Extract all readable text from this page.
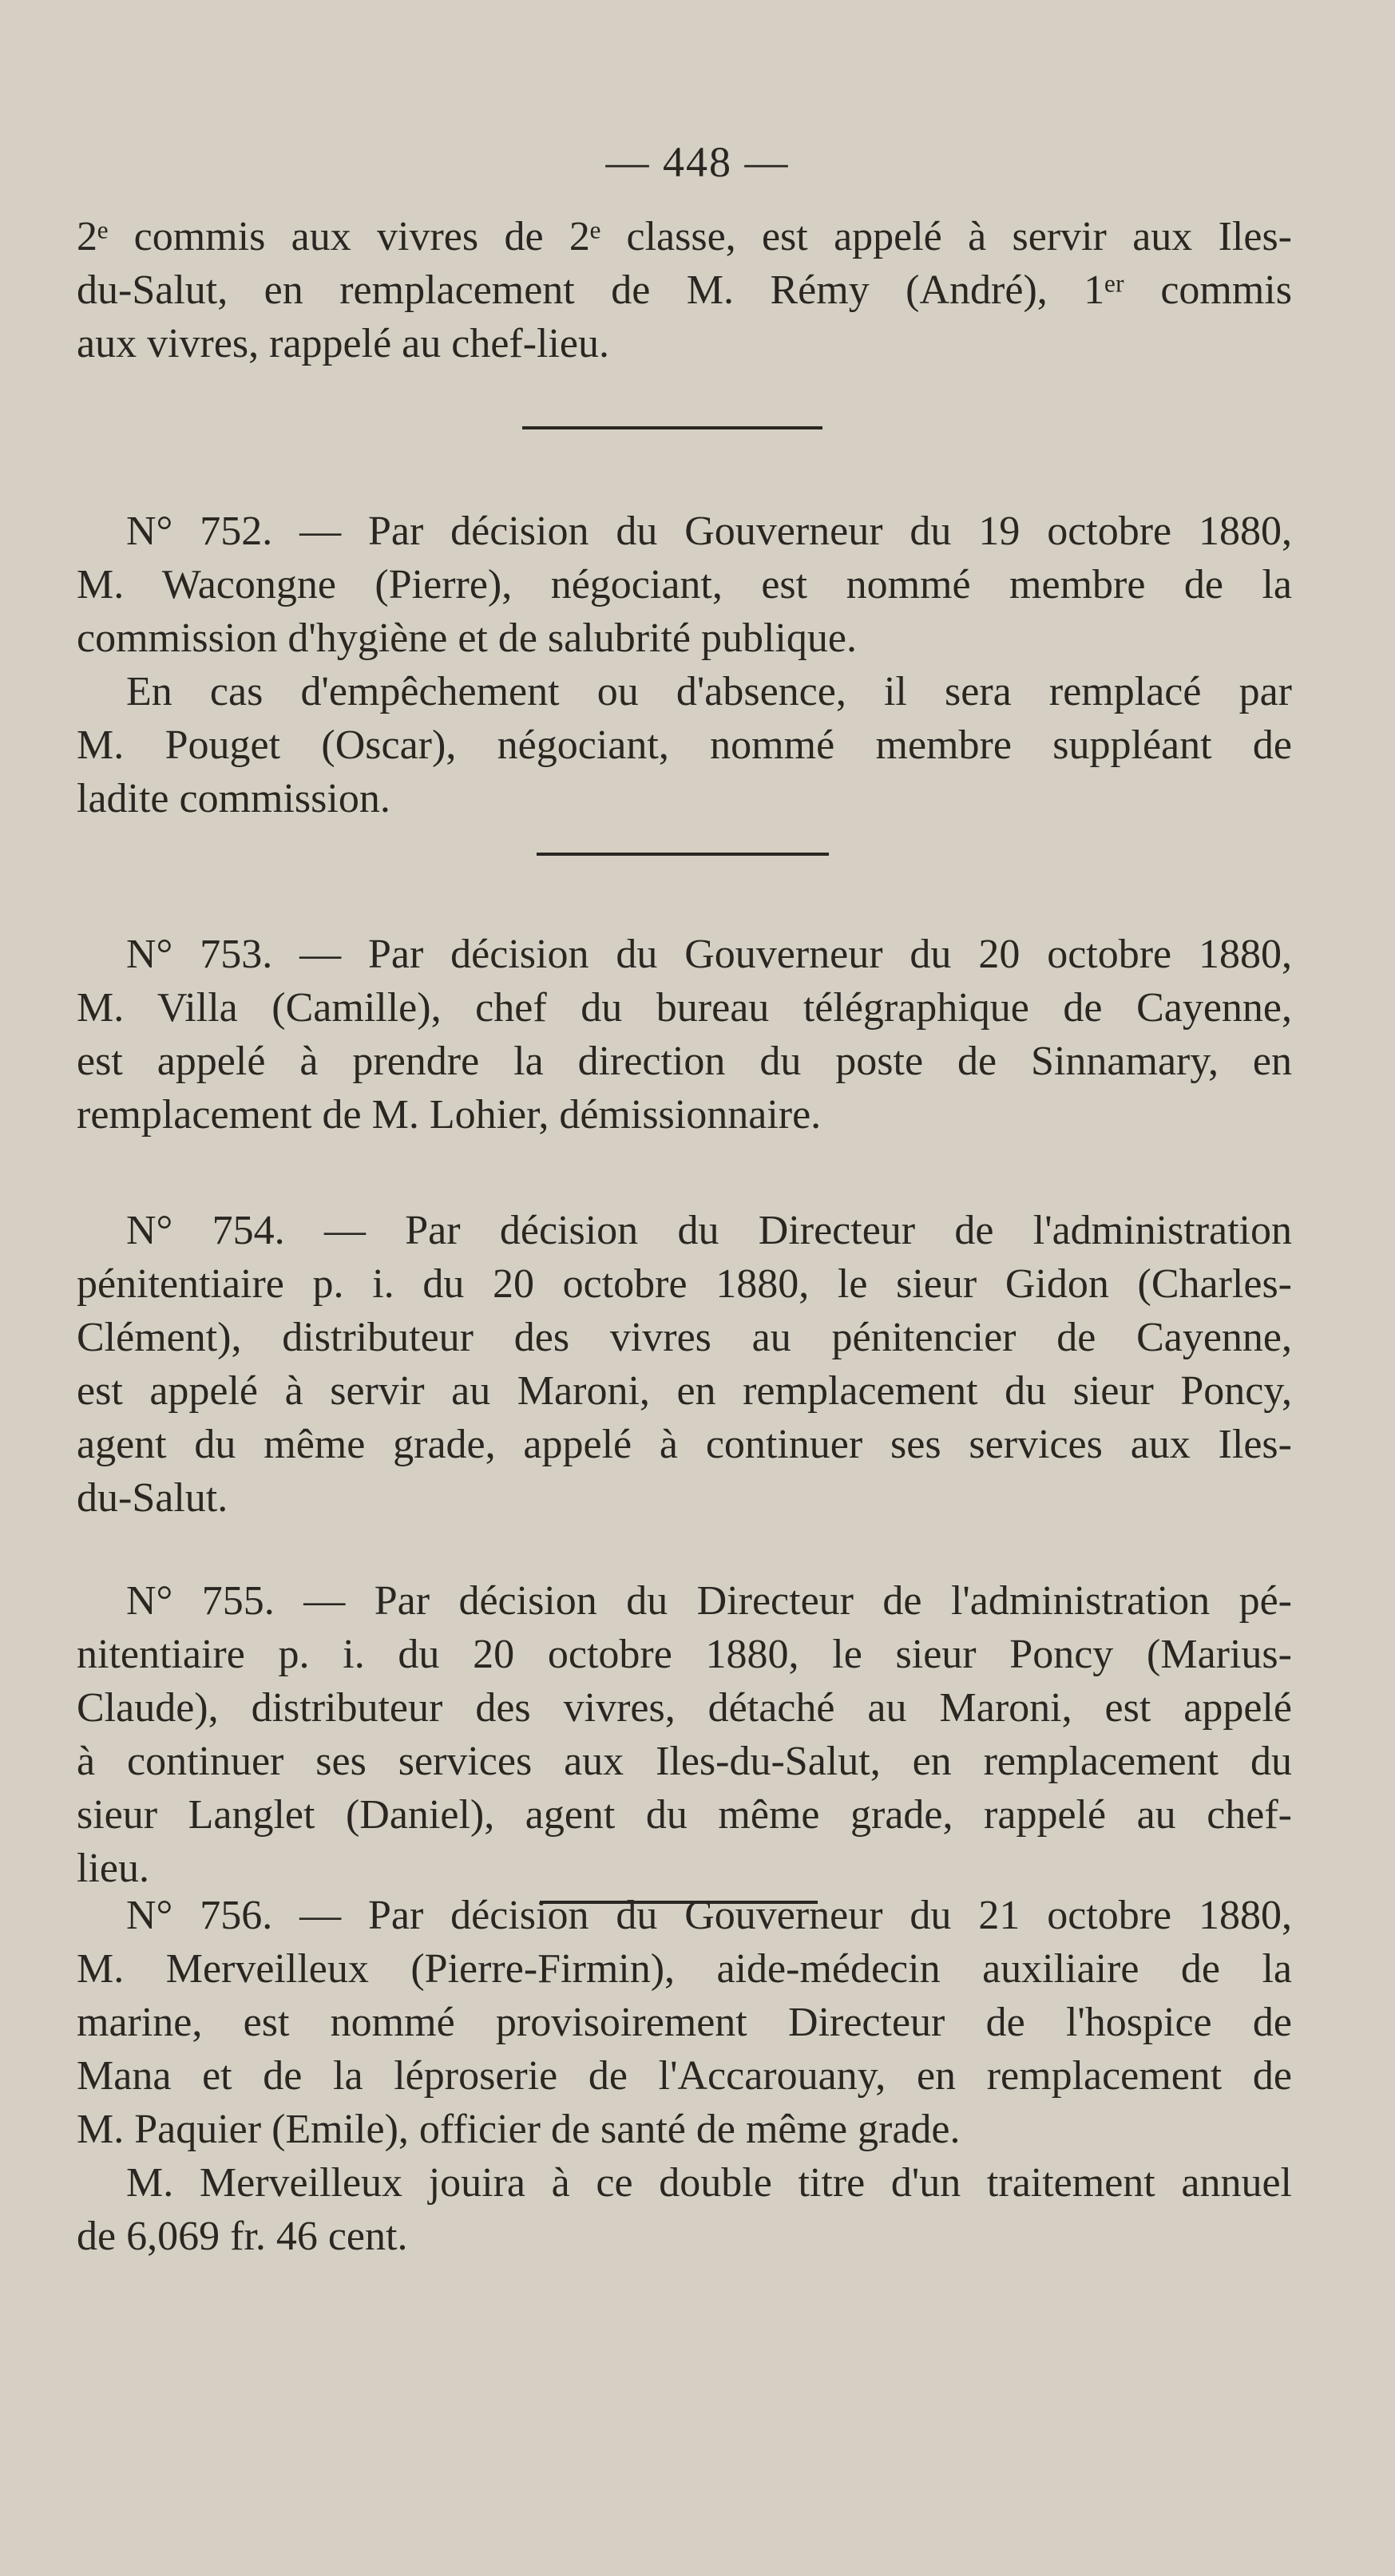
— 448 —
2ᵉ commis aux vivres de 2ᵉ classe, est appelé à servir aux Iles-
du-Salut, en remplacement de M. Rémy (André), 1ᵉʳ commis
aux vivres, rappelé au chef-lieu.
N° 752. — Par décision du Gouverneur du 19 octobre 1880,
M. Wacongne (Pierre), négociant, est nommé membre de la
commission d'hygiène et de salubrité publique.
En cas d'empêchement ou d'absence, il sera remplacé par
M. Pouget (Oscar), négociant, nommé membre suppléant de
ladite commission.
N° 753. — Par décision du Gouverneur du 20 octobre 1880,
M. Villa (Camille), chef du bureau télégraphique de Cayenne,
est appelé à prendre la direction du poste de Sinnamary, en
remplacement de M. Lohier, démissionnaire.
N° 754. — Par décision du Directeur de l'administration
pénitentiaire p. i. du 20 octobre 1880, le sieur Gidon (Charles-
Clément), distributeur des vivres au pénitencier de Cayenne,
est appelé à servir au Maroni, en remplacement du sieur Poncy,
agent du même grade, appelé à continuer ses services aux Iles-
du-Salut.
N° 755. — Par décision du Directeur de l'administration pé-
nitentiaire p. i. du 20 octobre 1880, le sieur Poncy (Marius-
Claude), distributeur des vivres, détaché au Maroni, est appelé
à continuer ses services aux Iles-du-Salut, en remplacement du
sieur Langlet (Daniel), agent du même grade, rappelé au chef-
lieu.
N° 756. — Par décision du Gouverneur du 21 octobre 1880,
M. Merveilleux (Pierre-Firmin), aide-médecin auxiliaire de la
marine, est nommé provisoirement Directeur de l'hospice de
Mana et de la léproserie de l'Accarouany, en remplacement de
M. Paquier (Emile), officier de santé de même grade.
M. Merveilleux jouira à ce double titre d'un traitement annuel
de 6,069 fr. 46 cent.
